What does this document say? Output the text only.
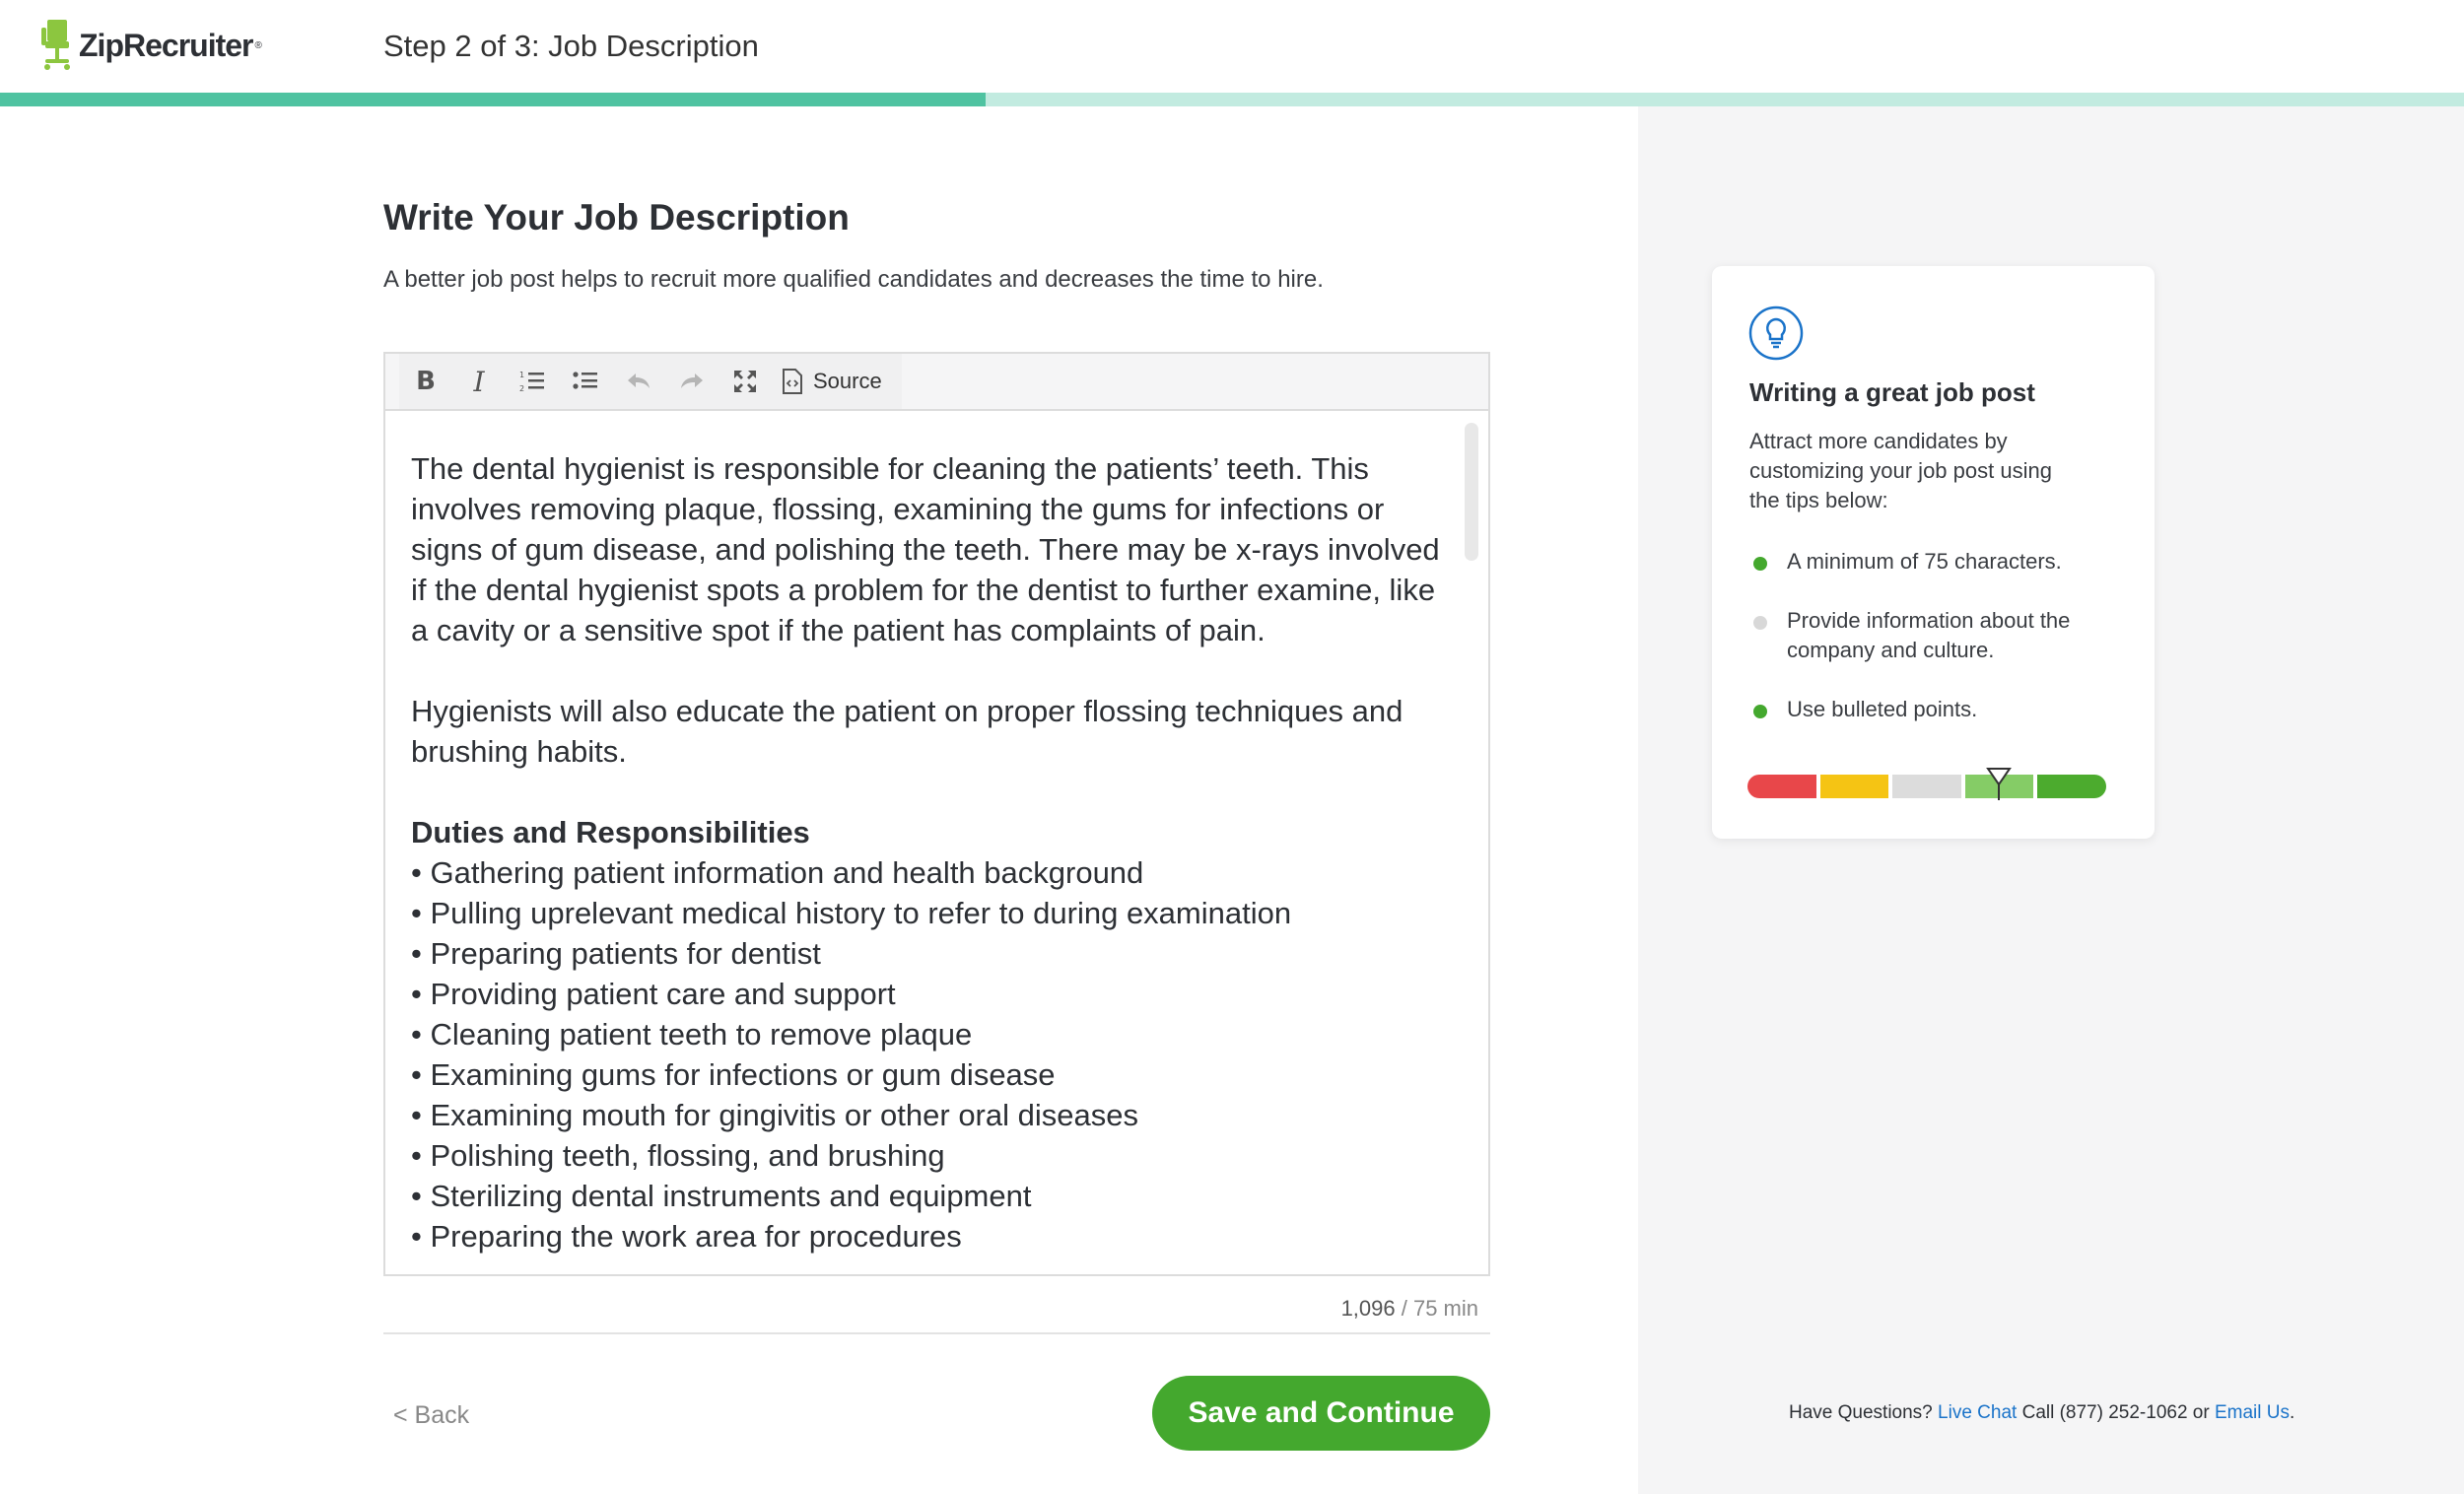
ZipRecruiter ®	Step 2 of 3: Job Description
Writing a great job post
Attract more candidates by customizing your job post using the tips below:
A minimum of 75 characters.
Provide information about the company and culture.
Use bulleted points.
Have Questions? Live Chat Call (877) 252-1062 or Email Us.
Write Your Job Description

A better job post helps to recruit more qualified candidates and decreases the time to hire.

B I	1
2	Source

The dental hygienist is responsible for cleaning the patients’ teeth. This involves removing plaque, flossing, examining the gums for infections or signs of gum disease, and polishing the teeth. There may be x-rays involved if the dental hygienist spots a problem for the dentist to further examine, like a cavity or a sensitive spot if the patient has complaints of pain.

Hygienists will also educate the patient on proper flossing techniques and brushing habits.

Duties and Responsibilities

• Gathering patient information and health background

• Pulling uprelevant medical history to refer to during examination

• Preparing patients for dentist

• Providing patient care and support

• Cleaning patient teeth to remove plaque

• Examining gums for infections or gum disease

• Examining mouth for gingivitis or other oral diseases

• Polishing teeth, flossing, and brushing

• Sterilizing dental instruments and equipment

• Preparing the work area for procedures

1,096 / 75 min
< Back	Save and Continue
